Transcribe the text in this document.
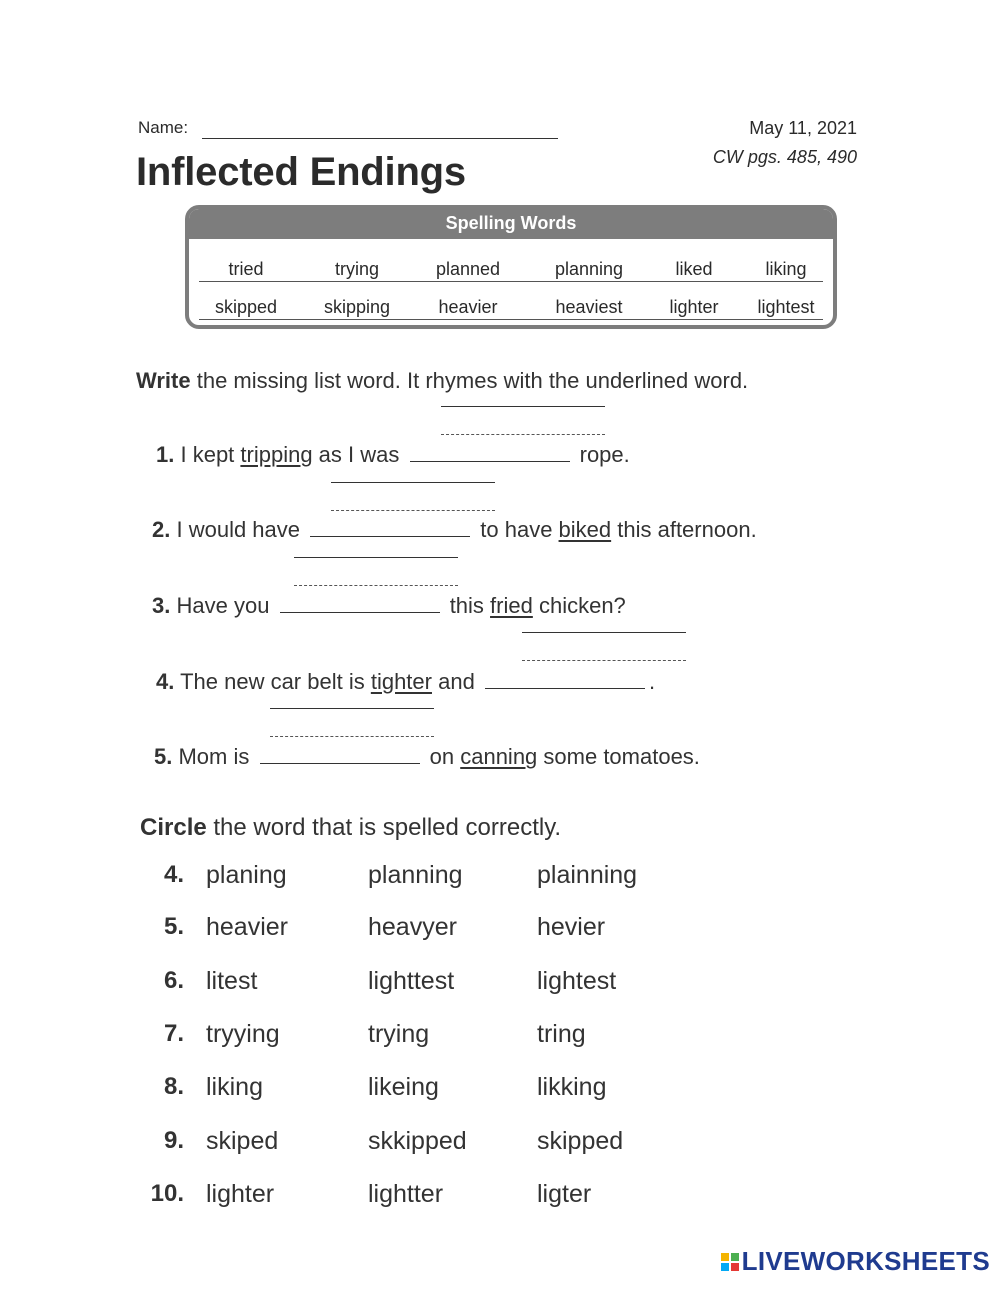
Name:	May 11, 2021
CW pgs. 485, 490
Inflected Endings
Spelling Words
tried	trying	planned	planning	liked	liking
skipped	skipping	heavier	heaviest	lighter	lightest
Write the missing list word. It rhymes with the underlined word.
1. I kept tripping as I was	rope.
2. I would have	to have biked this afternoon.
3. Have you	this fried chicken?
4. The new car belt is tighter and	.
5. Mom is	on canning some tomatoes.
Circle the word that is spelled correctly.
4. planing	planning	plainning
5. heavier	heavyer	hevier
6. litest	lighttest	lightest
7. tryying	trying	tring
8. liking	likeing	likking
9. skiped	skkipped	skipped
10. lighter	lightter	ligter
LIVEWORKSHEETS
